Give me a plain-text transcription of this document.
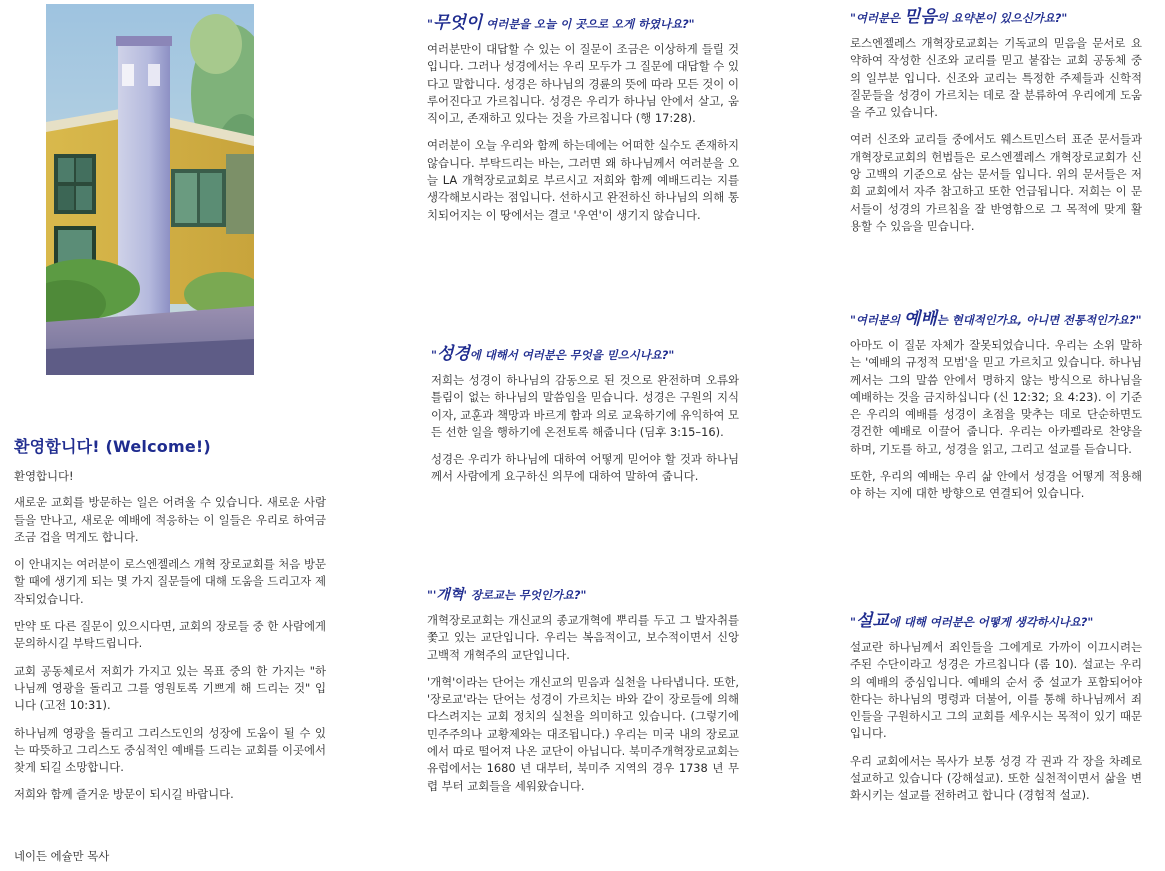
환영합니다! (Welcome!)

환영합니다!

새로운 교회를 방문하는 일은 어려울 수 있습니다. 새로운 사람들을 만나고, 새로운 예배에 적응하는 이 일들은 우리로 하여금 조금 겁을 먹게도 합니다.

이 안내지는 여러분이 로스엔젤레스 개혁 장로교회를 처음 방문 할 때에 생기게 되는 몇 가지 질문들에 대해 도움을 드리고자 제작되었습니다.

만약 또 다른 질문이 있으시다면, 교회의 장로들 중 한 사람에게 문의하시길 부탁드립니다.

교회 공동체로서 저희가 가지고 있는 목표 중의 한 가지는 "하나님께 영광을 돌리고 그를 영원토록 기쁘게 해 드리는 것" 입니다 (고전 10:31).

하나님께 영광을 돌리고 그리스도인의 성장에 도움이 될 수 있는 따뜻하고 그리스도 중심적인 예배를 드리는 교회를 이곳에서 찾게 되길 소망합니다.

저희와 함께 즐거운 방문이 되시길 바랍니다.

네이든 에슐만 목사
"무엇이 여러분을 오늘 이 곳으로 오게 하였나요?"

여러분만이 대답할 수 있는 이 질문이 조금은 이상하게 들릴 것입니다. 그러나 성경에서는 우리 모두가 그 질문에 대답할 수 있다고 말합니다. 성경은 하나님의 경륜의 뜻에 따라 모든 것이 이루어진다고 가르칩니다. 성경은 우리가 하나님 안에서 살고, 움직이고, 존재하고 있다는 것을 가르칩니다 (행 17:28).

여러분이 오늘 우리와 함께 하는데에는 어떠한 실수도 존재하지 않습니다. 부탁드리는 바는, 그러면 왜 하나님께서 여러분을 오늘 LA 개혁장로교회로 부르시고 저희와 함께 예배드리는 지를 생각해보시라는 점입니다. 선하시고 완전하신 하나님의 의해 통치되어지는 이 땅에서는 결코 '우연'이 생기지 않습니다.

"성경에 대해서 여러분은 무엇을 믿으시나요?"

저희는 성경이 하나님의 감동으로 된 것으로 완전하며 오류와 틀림이 없는 하나님의 말씀임을 믿습니다. 성경은 구원의 지식이자, 교훈과 책망과 바르게 함과 의로 교육하기에 유익하여 모든 선한 일을 행하기에 온전토록 해줍니다 (딤후 3:15–16).

성경은 우리가 하나님에 대하여 어떻게 믿어야 할 것과 하나님께서 사람에게 요구하신 의무에 대하여 말하여 줍니다.

"'개혁' 장로교는 무엇인가요?"

개혁장로교회는 개신교의 종교개혁에 뿌리를 두고 그 발자취를 쫓고 있는 교단입니다. 우리는 복음적이고, 보수적이면서 신앙고백적 개혁주의 교단입니다.

'개혁'이라는 단어는 개신교의 믿음과 실천을 나타냅니다. 또한, '장로교'라는 단어는 성경이 가르치는 바와 같이 장로들에 의해 다스려지는 교회 정치의 실천을 의미하고 있습니다. (그렇기에 민주주의나 교황제와는 대조됩니다.) 우리는 미국 내의 장로교에서 따로 떨어져 나온 교단이 아닙니다. 북미주개혁장로교회는 유럽에서는 1680 년 대부터, 북미주 지역의 경우 1738 년 무렵 부터 교회들을 세워왔습니다.

"여러분은 믿음의 요약본이 있으신가요?"

로스엔젤레스 개혁장로교회는 기독교의 믿음을 문서로 요약하여 작성한 신조와 교리를 믿고 붙잡는 교회 공동체 중의 일부분 입니다. 신조와 교리는 특정한 주제들과 신학적 질문들을 성경이 가르치는 데로 잘 분류하여 우리에게 도움을 주고 있습니다.

여러 신조와 교리들 중에서도 웨스트민스터 표준 문서들과 개혁장로교회의 헌법들은 로스엔젤레스 개혁장로교회가 신앙 고백의 기준으로 삼는 문서들 입니다. 위의 문서들은 저희 교회에서 자주 참고하고 또한 언급됩니다. 저희는 이 문서들이 성경의 가르침을 잘 반영함으로 그 목적에 맞게 활용할 수 있음을 믿습니다.

"여러분의 예배는 현대적인가요, 아니면 전통적인가요?"

아마도 이 질문 자체가 잘못되었습니다. 우리는 소위 말하는 '예배의 규정적 모범'을 믿고 가르치고 있습니다. 하나님께서는 그의 말씀 안에서 명하지 않는 방식으로 하나님을 예배하는 것을 금지하십니다 (신 12:32; 요 4:23). 이 기준은 우리의 예배를 성경이 초점을 맞추는 데로 단순하면도 경건한 예배로 이끌어 줍니다. 우리는 아카펠라로 찬양을 하며, 기도를 하고, 성경을 읽고, 그리고 설교를 듣습니다.

또한, 우리의 예배는 우리 삶 안에서 성경을 어떻게 적용해야 하는 지에 대한 방향으로 연결되어 있습니다.

"설교에 대해 여러분은 어떻게 생각하시나요?"

설교란 하나님께서 죄인들을 그에게로 가까이 이끄시려는 주된 수단이라고 성경은 가르칩니다 (롬 10). 설교는 우리의 예배의 중심입니다. 예배의 순서 중 설교가 포함되어야 한다는 하나님의 명령과 더불어, 이를 통해 하나님께서 죄인들을 구원하시고 그의 교회를 세우시는 목적이 있기 때문입니다.

우리 교회에서는 목사가 보통 성경 각 권과 각 장을 차례로 설교하고 있습니다 (강해설교). 또한 실천적이면서 삶을 변화시키는 설교를 전하려고 합니다 (경험적 설교).
